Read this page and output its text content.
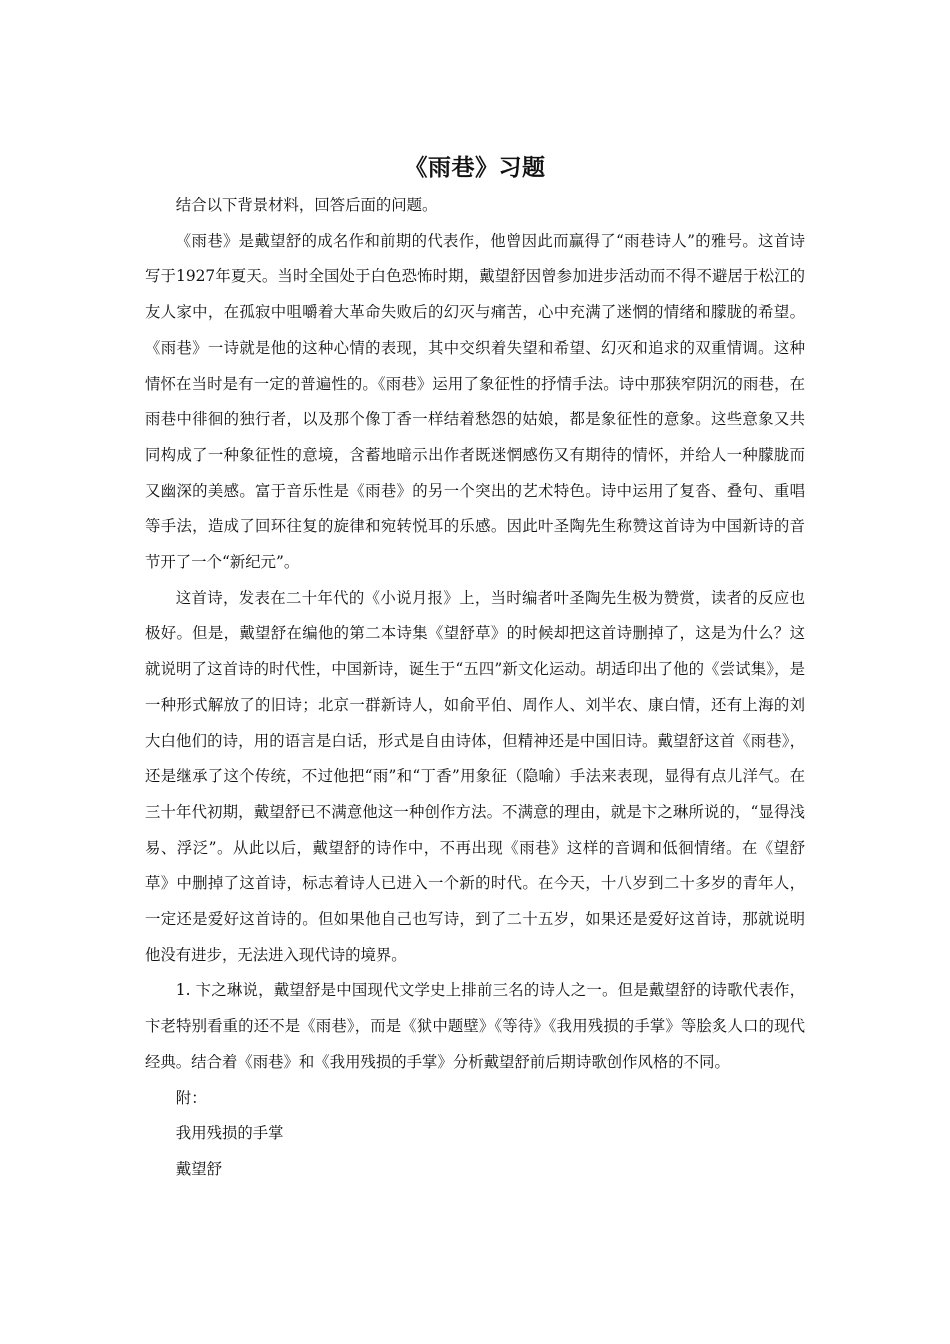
《雨巷》习题

结合以下背景材料，回答后面的问题。

《雨巷》是戴望舒的成名作和前期的代表作，他曾因此而赢得了“雨巷诗人”的雅号。这首诗写于1927年夏天。当时全国处于白色恐怖时期，戴望舒因曾参加进步活动而不得不避居于松江的友人家中，在孤寂中咀嚼着大革命失败后的幻灭与痛苦，心中充满了迷惘的情绪和朦胧的希望。《雨巷》一诗就是他的这种心情的表现，其中交织着失望和希望、幻灭和追求的双重情调。这种情怀在当时是有一定的普遍性的。《雨巷》运用了象征性的抒情手法。诗中那狭窄阴沉的雨巷，在雨巷中徘徊的独行者，以及那个像丁香一样结着愁怨的姑娘，都是象征性的意象。这些意象又共同构成了一种象征性的意境，含蓄地暗示出作者既迷惘感伤又有期待的情怀，并给人一种朦胧而又幽深的美感。富于音乐性是《雨巷》的另一个突出的艺术特色。诗中运用了复沓、叠句、重唱等手法，造成了回环往复的旋律和宛转悦耳的乐感。因此叶圣陶先生称赞这首诗为中国新诗的音节开了一个“新纪元”。

这首诗，发表在二十年代的《小说月报》上，当时编者叶圣陶先生极为赞赏，读者的反应也极好。但是，戴望舒在编他的第二本诗集《望舒草》的时候却把这首诗删掉了，这是为什么？这就说明了这首诗的时代性，中国新诗，诞生于“五四”新文化运动。胡适印出了他的《尝试集》，是一种形式解放了的旧诗；北京一群新诗人，如俞平伯、周作人、刘半农、康白情，还有上海的刘大白他们的诗，用的语言是白话，形式是自由诗体，但精神还是中国旧诗。戴望舒这首《雨巷》，还是继承了这个传统，不过他把“雨”和“丁香”用象征（隐喻）手法来表现，显得有点儿洋气。在三十年代初期，戴望舒已不满意他这一种创作方法。不满意的理由，就是卞之琳所说的，“显得浅易、浮泛”。从此以后，戴望舒的诗作中，不再出现《雨巷》这样的音调和低徊情绪。在《望舒草》中删掉了这首诗，标志着诗人已进入一个新的时代。在今天，十八岁到二十多岁的青年人，一定还是爱好这首诗的。但如果他自己也写诗，到了二十五岁，如果还是爱好这首诗，那就说明他没有进步，无法进入现代诗的境界。

1. 卞之琳说，戴望舒是中国现代文学史上排前三名的诗人之一。但是戴望舒的诗歌代表作，卞老特别看重的还不是《雨巷》，而是《狱中题壁》《等待》《我用残损的手掌》等脍炙人口的现代经典。结合着《雨巷》和《我用残损的手掌》分析戴望舒前后期诗歌创作风格的不同。

附：

我用残损的手掌

戴望舒
